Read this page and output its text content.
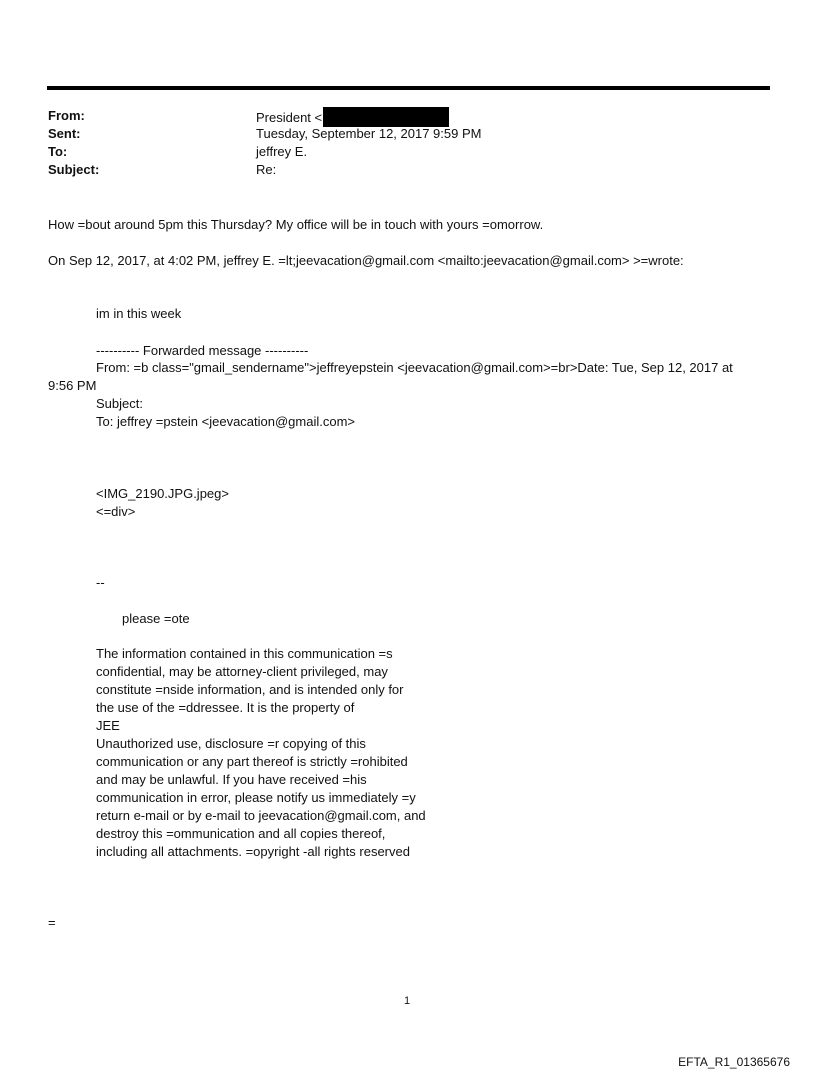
From:	President <
Sent:	Tuesday, September 12, 2017 9:59 PM
To:	jeffrey E.
Subject:	Re:
How =bout around 5pm this Thursday? My office will be in touch with yours =omorrow.
On Sep 12, 2017, at 4:02 PM, jeffrey E. =lt;jeevacation@gmail.com <mailto:jeevacation@gmail.com> >=wrote:
im in this week
---------- Forwarded message ----------
From: =b class="gmail_sendername">jeffreyepstein <jeevacation@gmail.com>=br>Date: Tue, Sep 12, 2017 at
9:56 PM
Subject:
To: jeffrey =pstein <jeevacation@gmail.com>
<IMG_2190.JPG.jpeg>
<=div>
--
please =ote
The information contained in this communication =s
confidential, may be attorney-client privileged, may
constitute =nside information, and is intended only for
the use of the =ddressee. It is the property of
JEE
Unauthorized use, disclosure =r copying of this
communication or any part thereof is strictly =rohibited
and may be unlawful. If you have received =his
communication in error, please notify us immediately =y
return e-mail or by e-mail to jeevacation@gmail.com, and
destroy this =ommunication and all copies thereof,
including all attachments. =opyright -all rights reserved
=
1
EFTA_R1_01365676
